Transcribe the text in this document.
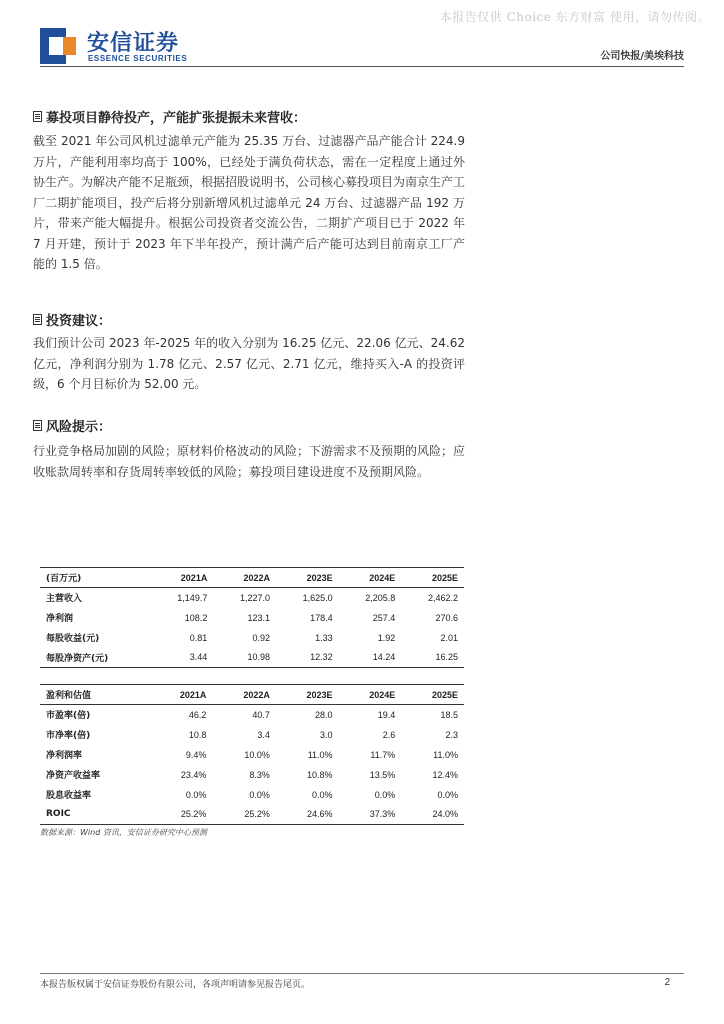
本报告仅供 Choice 东方财富 使用，请勿传阅。
安信证券
ESSENCE SECURITIES	公司快报/美埃科技
募投项目静待投产，产能扩张提振未来营收：
截至 2021 年公司风机过滤单元产能为 25.35 万台、过滤器产品产能合计 224.9 万片，产能利用率均高于 100%，已经处于满负荷状态，需在一定程度上通过外协生产。为解决产能不足瓶颈，根据招股说明书，公司核心募投项目为南京生产工厂二期扩能项目，投产后将分别新增风机过滤单元 24 万台、过滤器产品 192 万片，带来产能大幅提升。根据公司投资者交流公告，二期扩产项目已于 2022 年 7 月开建，预计于 2023 年下半年投产，预计满产后产能可达到目前南京工厂产能的 1.5 倍。
投资建议：
我们预计公司 2023 年-2025 年的收入分别为 16.25 亿元、22.06 亿元、24.62 亿元，净利润分别为 1.78 亿元、2.57 亿元、2.71 亿元，维持买入-A 的投资评级，6 个月目标价为 52.00 元。
风险提示：
行业竞争格局加剧的风险；原材料价格波动的风险；下游需求不及预期的风险；应收账款周转率和存货周转率较低的风险；募投项目建设进度不及预期风险。
(百万元)	2021A	2022A	2023E	2024E	2025E
主营收入	1,149.7	1,227.0	1,625.0	2,205.8	2,462.2
净利润	108.2	123.1	178.4	257.4	270.6
每股收益(元)	0.81	0.92	1.33	1.92	2.01
每股净资产(元)	3.44	10.98	12.32	14.24	16.25
盈利和估值	2021A	2022A	2023E	2024E	2025E
市盈率(倍)	46.2	40.7	28.0	19.4	18.5
市净率(倍)	10.8	3.4	3.0	2.6	2.3
净利润率	9.4%	10.0%	11.0%	11.7%	11.0%
净资产收益率	23.4%	8.3%	10.8%	13.5%	12.4%
股息收益率	0.0%	0.0%	0.0%	0.0%	0.0%
ROIC	25.2%	25.2%	24.6%	37.3%	24.0%
数据来源：Wind 资讯，安信证券研究中心预测
本报告版权属于安信证券股份有限公司，各项声明请参见报告尾页。	2
